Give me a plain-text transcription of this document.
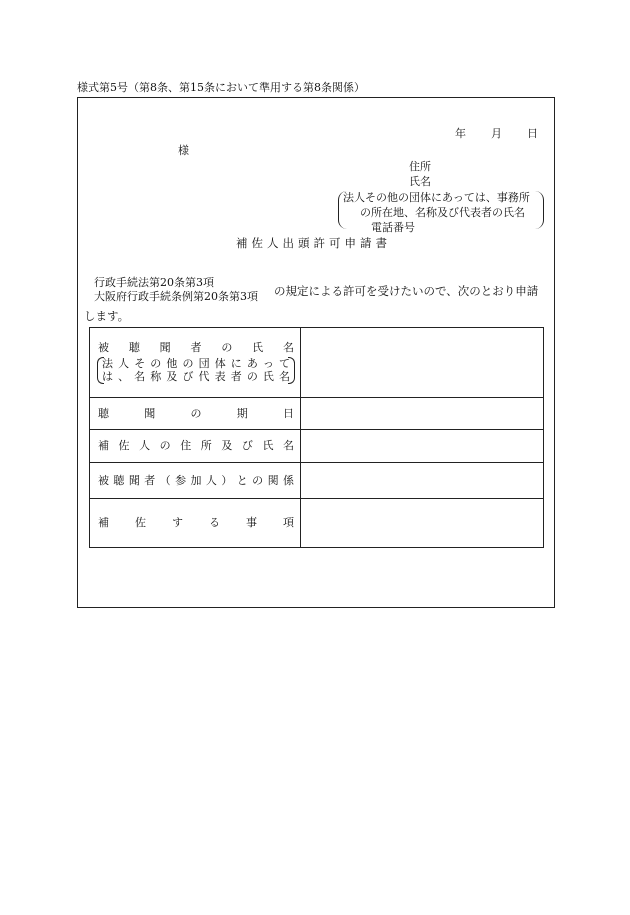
様式第5号（第8条、第15条において準用する第8条関係）
年 月 日
様
住所
氏名
法人その他の団体にあっては、事務所
の所在地、名称及び代表者の氏名
電話番号
補佐人出頭許可申請書
行政手続法第20条第3項
大阪府行政手続条例第20条第3項 の規定による許可を受けたいので、次のとおり申請
します。
被聴聞者の氏名
法人その他の団体にあって
は、名称及び代表者の氏名	

聴聞の期日	

補佐人の住所及び氏名	

被聴聞者（参加人）との関係	

補佐する事項	
